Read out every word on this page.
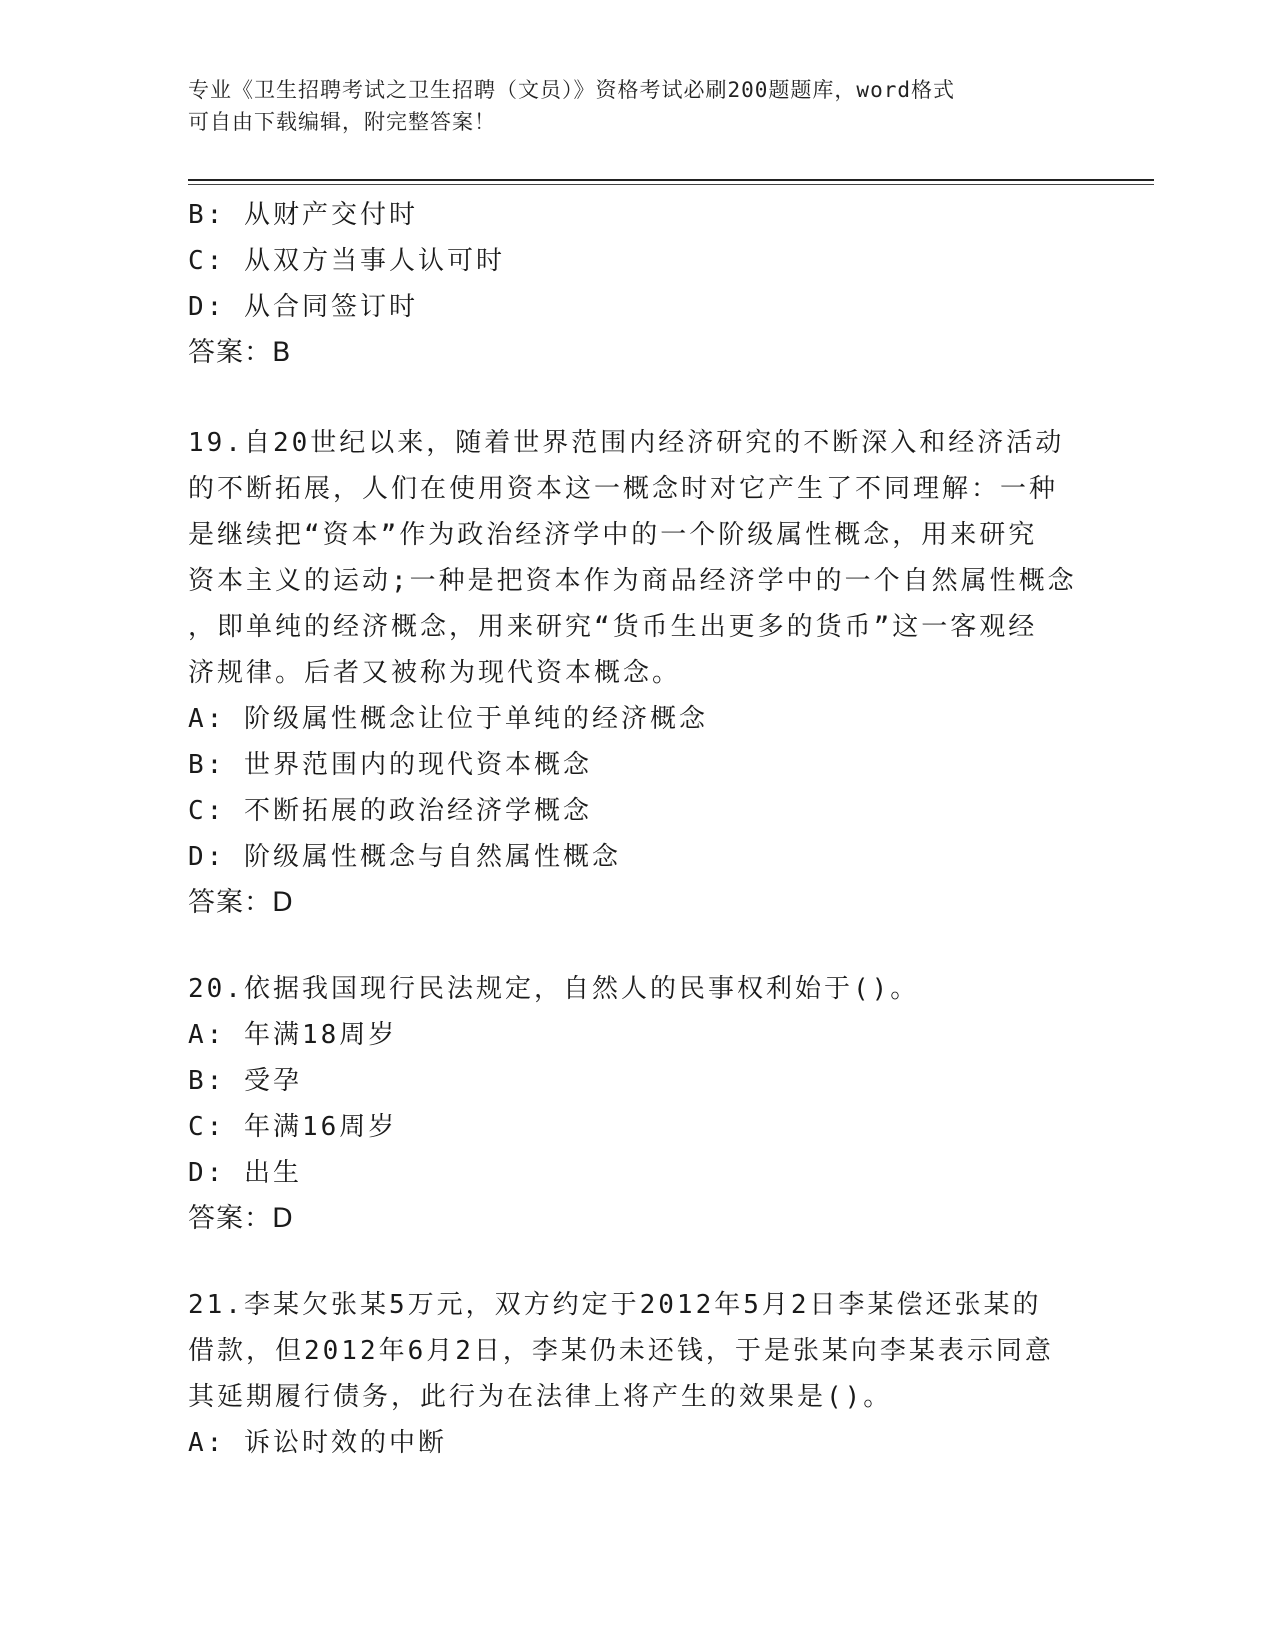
专业《卫生招聘考试之卫生招聘（文员）》资格考试必刷200题题库，word格式
可自由下载编辑，附完整答案！
B: 从财产交付时
C: 从双方当事人认可时
D: 从合同签订时
答案：B
19.自20世纪以来，随着世界范围内经济研究的不断深入和经济活动
的不断拓展，人们在使用资本这一概念时对它产生了不同理解：一种
是继续把“资本”作为政治经济学中的一个阶级属性概念，用来研究
资本主义的运动;一种是把资本作为商品经济学中的一个自然属性概念
，即单纯的经济概念，用来研究“货币生出更多的货币”这一客观经
济规律。后者又被称为现代资本概念。
A: 阶级属性概念让位于单纯的经济概念
B: 世界范围内的现代资本概念
C: 不断拓展的政治经济学概念
D: 阶级属性概念与自然属性概念
答案：D
20.依据我国现行民法规定，自然人的民事权利始于()。
A: 年满18周岁
B: 受孕
C: 年满16周岁
D: 出生
答案：D
21.李某欠张某5万元，双方约定于2012年5月2日李某偿还张某的
借款，但2012年6月2日，李某仍未还钱，于是张某向李某表示同意
其延期履行债务，此行为在法律上将产生的效果是()。
A: 诉讼时效的中断
